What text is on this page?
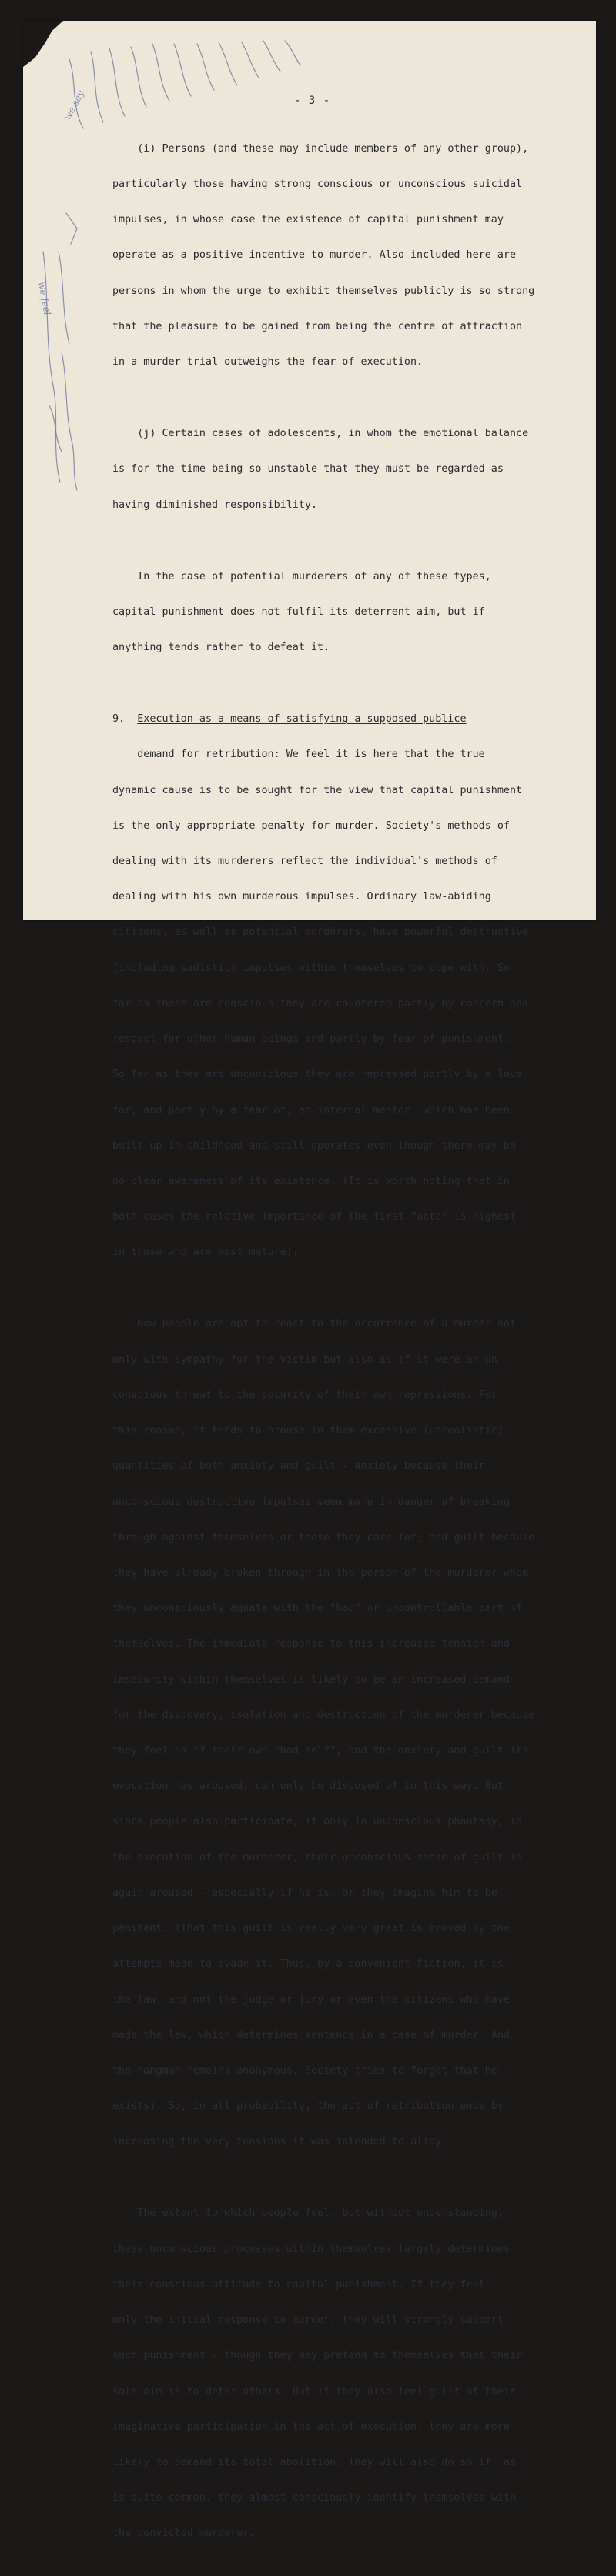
we feel
we say	- 3 -

(i) Persons (and these may include members of any other group),

particularly those having strong conscious or unconscious suicidal

impulses, in whose case the existence of capital punishment may

operate as a positive incentive to murder. Also included here are

persons in whom the urge to exhibit themselves publicly is so strong

that the pleasure to be gained from being the centre of attraction

in a murder trial outweighs the fear of execution.

(j) Certain cases of adolescents, in whom the emotional balance

is for the time being so unstable that they must be regarded as

having diminished responsibility.

In the case of potential murderers of any of these types,

capital punishment does not fulfil its deterrent aim, but if

anything tends rather to defeat it.

9. Execution as a means of satisfying a supposed publice

demand for retribution: We feel it is here that the true

dynamic cause is to be sought for the view that capital punishment

is the only appropriate penalty for murder. Society's methods of

dealing with its murderers reflect the individual's methods of

dealing with his own murderous impulses. Ordinary law-abiding

citizens, as well as potential murderers, have powerful destructive

(including sadistic) impulses within themselves to cope with. So

far as these are conscious they are countered partly by concern and

respect for other human beings and partly by fear of punishment.

So far as they are unconscious they are repressed partly by a love

for, and partly by a fear of, an internal mentor, which has been

built up in childhood and still operates even though there may be

no clear awareness of its existence. (It is worth noting that in

both cases the relative importance of the first factor is highest

in those who are most mature).

Now people are apt to react to the occurrence of a murder not

only with sympathy for the victim but also as if it were an un-

conscious threat to the security of their own repressions. For

this reason, it tends to arouse in them excessive (unrealistic)

quantities of both anxiety and guilt - anxiety because their

unconscious destructive impulses seem more in danger of breaking

through against themselves or those they care for; and guilt because

they have already broken through in the person of the murderer whom

they unconsciously equate with the "bad" or uncontrollable part of

themselves. The immediate response to this increased tension and

insecurity within themselves is likely to be an increased demand

for the discovery, isolation and destruction of the murderer because

they feel as if their own "bad self", and the anxiety and guilt its

evocation has aroused, can only be disposed of in this way. But

since people also participate, if only in unconscious phantasy, in

the execution of the murderer, their unconscious sense of guilt is

again aroused - especially if he is, or they imagine him to be

penitent. (That this guilt is really very great is proved by the

attempts made to evade it. Thus, by a convenient fiction, it is

the law, and not the judge or jury or even the citizens who have

made the law, which determines sentence in a case of murder. And

the hangman remains anonymous. Society tries to forget that he

exists). So, in all probability, the act of retribution ends by

increasing the very tensions it was intended to allay.

The extent to which people feel, but without understanding,

these unconscious processes within themselves largely determines

their conscious attitude to capital punishment. If they feel

only the initial response to murder, they will strongly support

such punishment - though they may pretend to themselves that their

sole aim is to deter others. But if they also feel guilt at their

imaginative participation in the act of execution, they are more

likely to demand its total abolition. They will also do so if, as

is quite common, they almost consciously identify themselves with

the convicted murderer.
